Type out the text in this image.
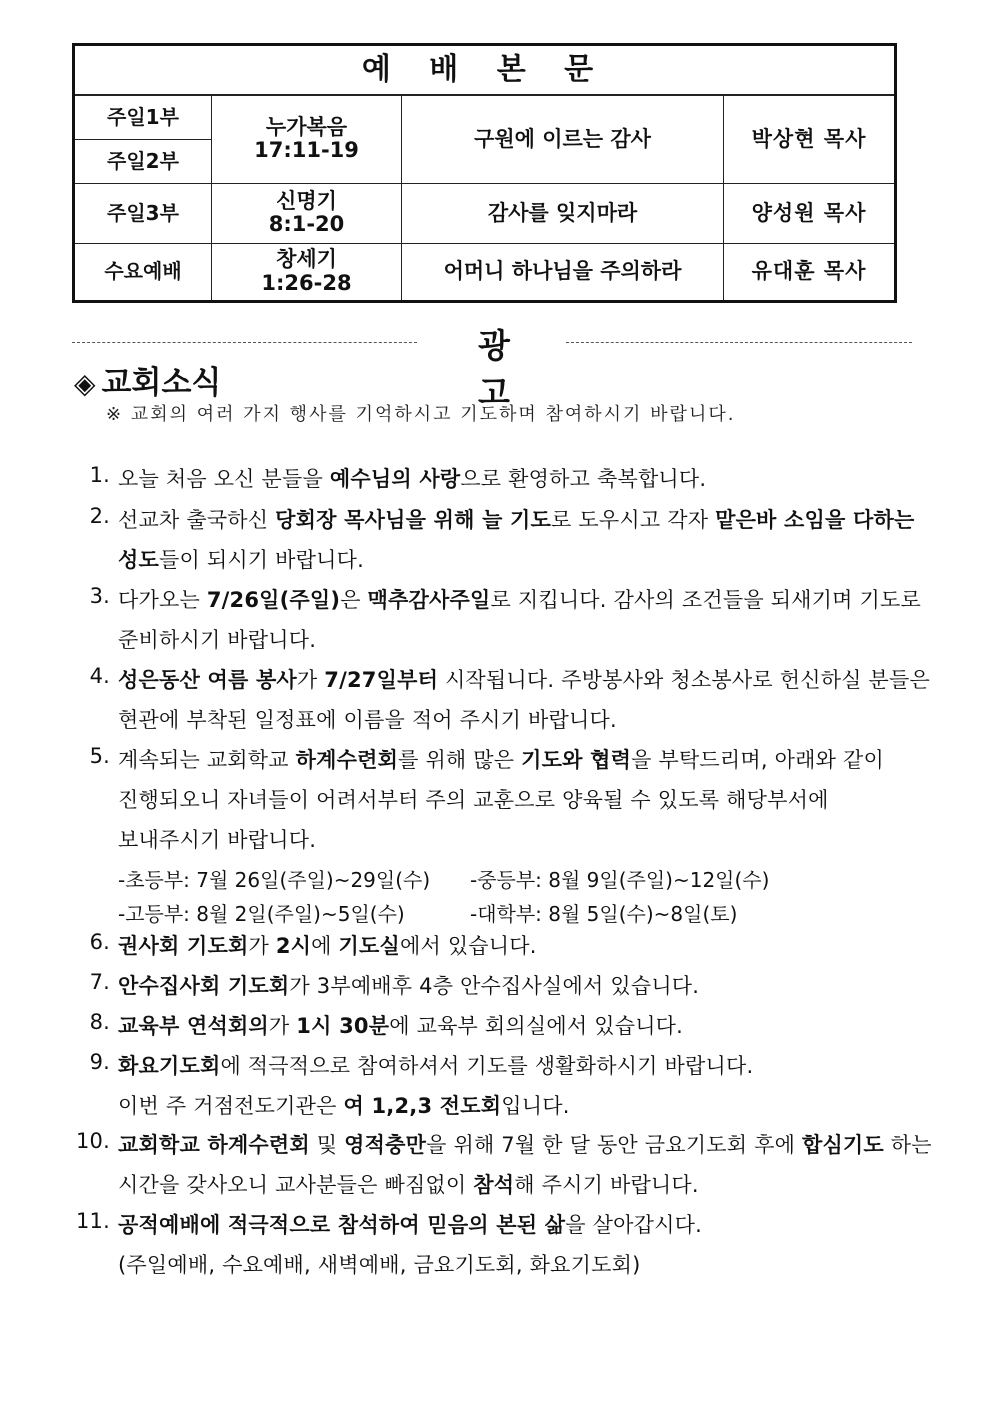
예 배 본 문			
주일1부	누가복음
17:11-19	구원에 이르는 감사	박상현 목사
주일2부			
주일3부	신명기
8:1-20	감사를 잊지마라	양성원 목사
수요예배	창세기
1:26-28	어머니 하나님을 주의하라	유대훈 목사
광 고
◈ 교회소식
※ 교회의 여러 가지 행사를 기억하시고 기도하며 참여하시기 바랍니다.
1. 오늘 처음 오신 분들을 예수님의 사랑으로 환영하고 축복합니다.
2. 선교차 출국하신 당회장 목사님을 위해 늘 기도로 도우시고 각자 맡은바 소임을 다하는
성도들이 되시기 바랍니다.
3. 다가오는 7/26일(주일)은 맥추감사주일로 지킵니다. 감사의 조건들을 되새기며 기도로
준비하시기 바랍니다.
4. 성은동산 여름 봉사가 7/27일부터 시작됩니다. 주방봉사와 청소봉사로 헌신하실 분들은
현관에 부착된 일정표에 이름을 적어 주시기 바랍니다.
5. 계속되는 교회학교 하계수련회를 위해 많은 기도와 협력을 부탁드리며, 아래와 같이
진행되오니 자녀들이 어려서부터 주의 교훈으로 양육될 수 있도록 해당부서에
보내주시기 바랍니다.
6. 권사회 기도회가 2시에 기도실에서 있습니다.
7. 안수집사회 기도회가 3부예배후 4층 안수집사실에서 있습니다.
8. 교육부 연석회의가 1시 30분에 교육부 회의실에서 있습니다.
9. 화요기도회에 적극적으로 참여하셔서 기도를 생활화하시기 바랍니다.
이번 주 거점전도기관은 여 1,2,3 전도회입니다.
10. 교회학교 하계수련회 및 영적충만을 위해 7월 한 달 동안 금요기도회 후에 합심기도 하는
시간을 갖사오니 교사분들은 빠짐없이 참석해 주시기 바랍니다.
11. 공적예배에 적극적으로 참석하여 믿음의 본된 삶을 살아갑시다.
(주일예배, 수요예배, 새벽예배, 금요기도회, 화요기도회)
-초등부: 7월 26일(주일)~29일(수) -중등부: 8월 9일(주일)~12일(수)
-고등부: 8월 2일(주일)~5일(수)	-대학부: 8월 5일(수)~8일(토)
